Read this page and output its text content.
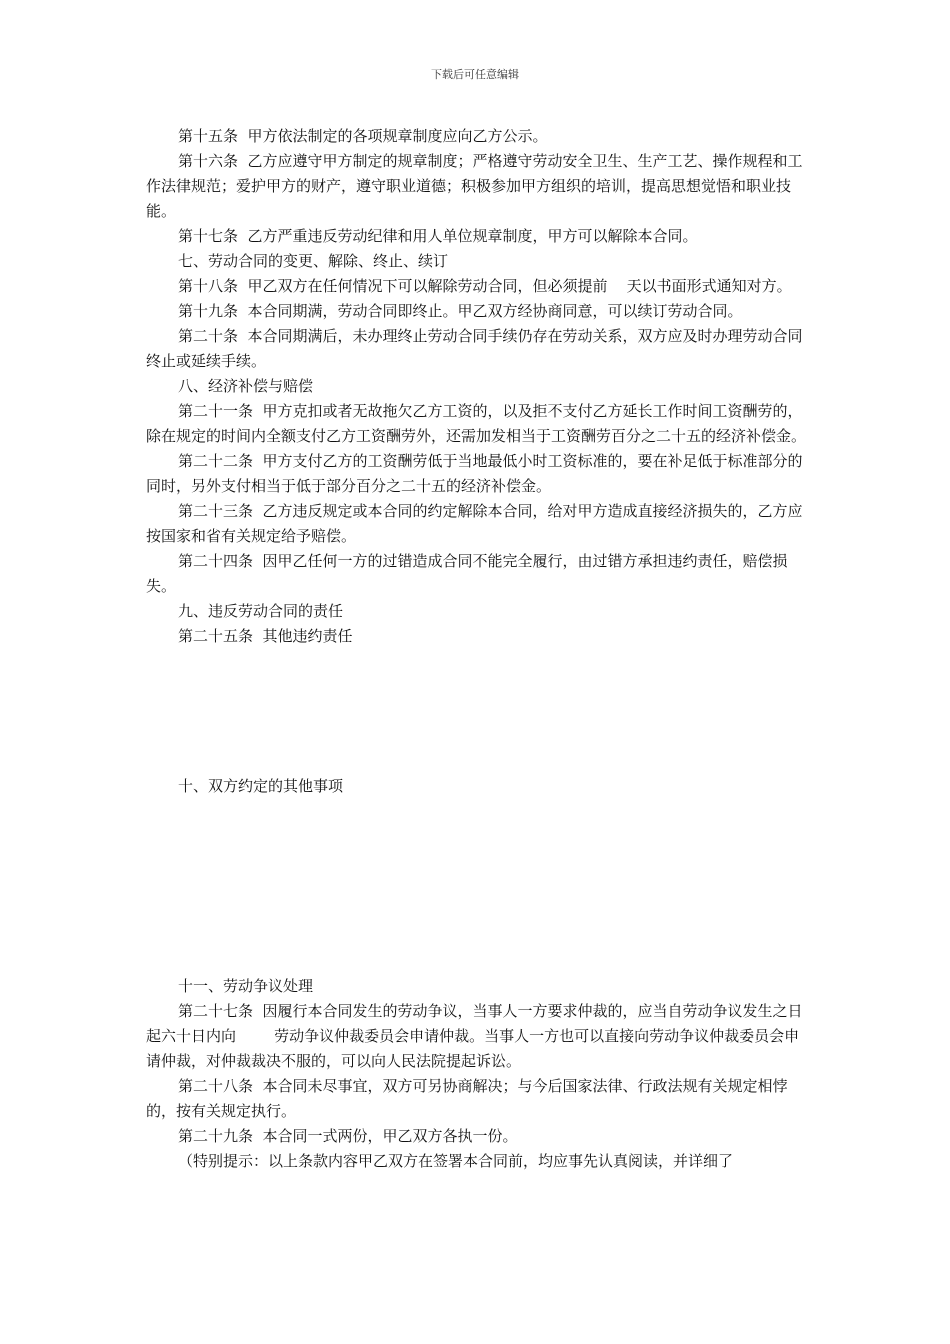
下载后可任意编辑

第十五条  甲方依法制定的各项规章制度应向乙方公示。

第十六条  乙方应遵守甲方制定的规章制度；严格遵守劳动安全卫生、生产工艺、操作规程和工作法律规范；爱护甲方的财产，遵守职业道德；积极参加甲方组织的培训，提高思想觉悟和职业技能。

第十七条  乙方严重违反劳动纪律和用人单位规章制度，甲方可以解除本合同。

七、劳动合同的变更、解除、终止、续订

第十八条  甲乙双方在任何情况下可以解除劳动合同，但必须提前    天以书面形式通知对方。

第十九条  本合同期满，劳动合同即终止。甲乙双方经协商同意，可以续订劳动合同。

第二十条  本合同期满后，未办理终止劳动合同手续仍存在劳动关系，双方应及时办理劳动合同终止或延续手续。

八、经济补偿与赔偿

第二十一条  甲方克扣或者无故拖欠乙方工资的，以及拒不支付乙方延长工作时间工资酬劳的，除在规定的时间内全额支付乙方工资酬劳外，还需加发相当于工资酬劳百分之二十五的经济补偿金。

第二十二条  甲方支付乙方的工资酬劳低于当地最低小时工资标准的，要在补足低于标准部分的同时，另外支付相当于低于部分百分之二十五的经济补偿金。

第二十三条  乙方违反规定或本合同的约定解除本合同，给对甲方造成直接经济损失的，乙方应按国家和省有关规定给予赔偿。

第二十四条  因甲乙任何一方的过错造成合同不能完全履行，由过错方承担违约责任，赔偿损失。

九、违反劳动合同的责任

第二十五条  其他违约责任

十、双方约定的其他事项

十一、劳动争议处理

第二十七条  因履行本合同发生的劳动争议，当事人一方要求仲裁的，应当自劳动争议发生之日起六十日内向        劳动争议仲裁委员会申请仲裁。当事人一方也可以直接向劳动争议仲裁委员会申请仲裁，对仲裁裁决不服的，可以向人民法院提起诉讼。

第二十八条  本合同未尽事宜，双方可另协商解决；与今后国家法律、行政法规有关规定相悖的，按有关规定执行。

第二十九条  本合同一式两份，甲乙双方各执一份。

（特别提示：以上条款内容甲乙双方在签署本合同前，均应事先认真阅读，并详细了
